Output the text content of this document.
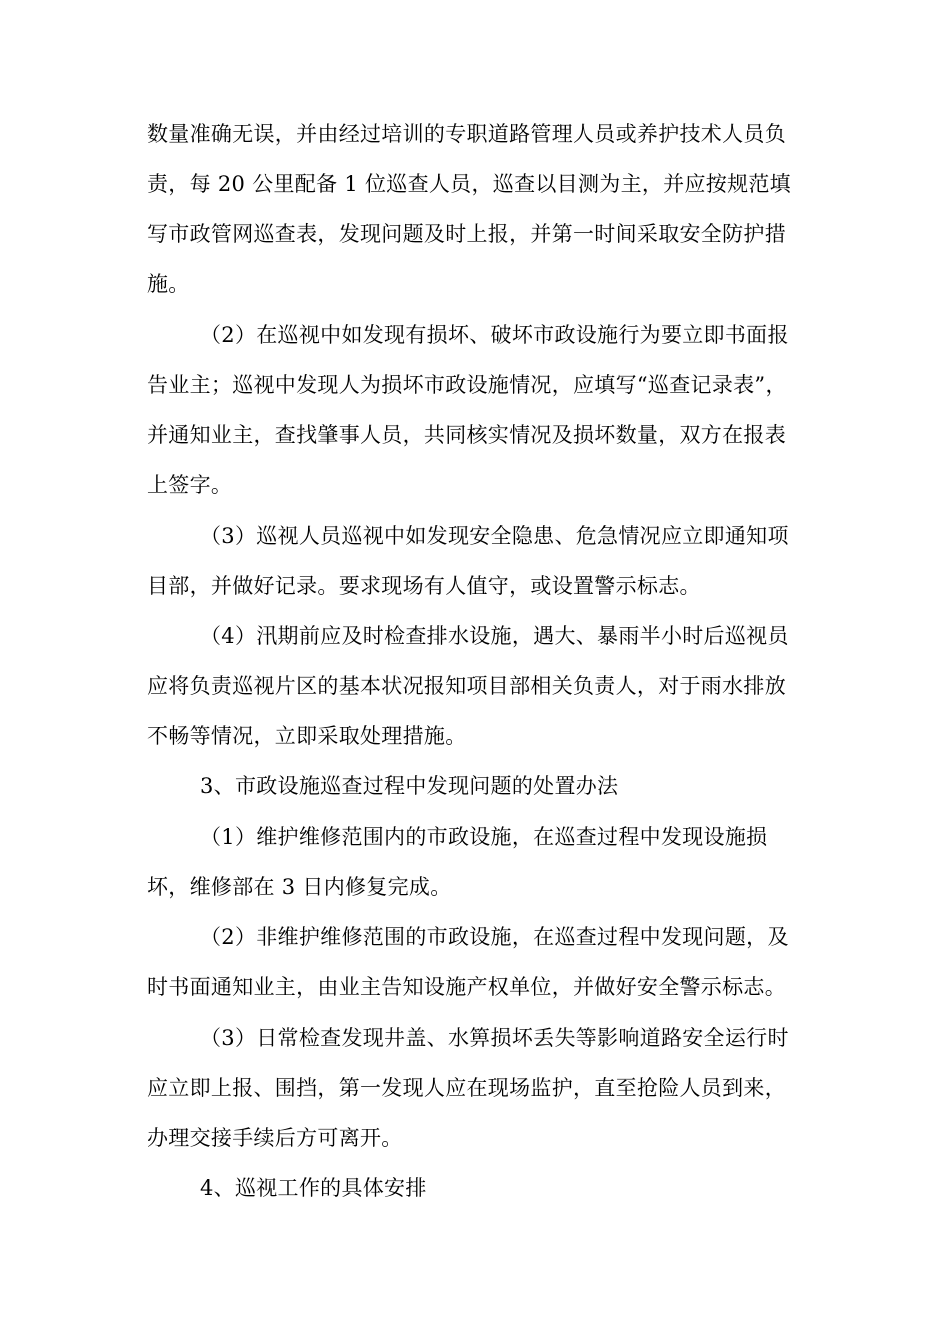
数量准确无误，并由经过培训的专职道路管理人员或养护技术人员负
责，每 20 公里配备 1 位巡查人员，巡查以目测为主，并应按规范填
写市政管网巡查表，发现问题及时上报，并第一时间采取安全防护措
施。
（2）在巡视中如发现有损坏、破坏市政设施行为要立即书面报
告业主；巡视中发现人为损坏市政设施情况，应填写“巡查记录表”，
并通知业主，查找肇事人员，共同核实情况及损坏数量，双方在报表
上签字。
（3）巡视人员巡视中如发现安全隐患、危急情况应立即通知项
目部，并做好记录。要求现场有人值守，或设置警示标志。
（4）汛期前应及时检查排水设施，遇大、暴雨半小时后巡视员
应将负责巡视片区的基本状况报知项目部相关负责人，对于雨水排放
不畅等情况，立即采取处理措施。
3、市政设施巡查过程中发现问题的处置办法
（1）维护维修范围内的市政设施，在巡查过程中发现设施损
坏，维修部在 3 日内修复完成。
（2）非维护维修范围的市政设施，在巡查过程中发现问题，及
时书面通知业主，由业主告知设施产权单位，并做好安全警示标志。
（3）日常检查发现井盖、水箅损坏丢失等影响道路安全运行时
应立即上报、围挡，第一发现人应在现场监护，直至抢险人员到来，
办理交接手续后方可离开。
4、巡视工作的具体安排
